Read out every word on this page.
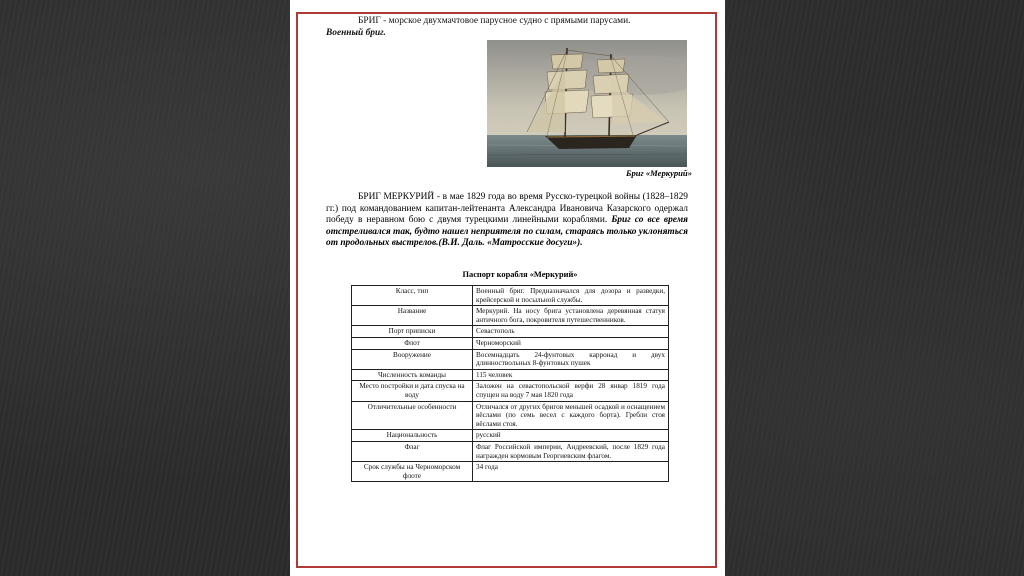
БРИГ - морское двухмачтовое парусное судно с прямыми парусами.

Военный бриг.

Бриг «Меркурий»

БРИГ МЕРКУРИЙ - в мае 1829 года во время Русско-турецкой войны (1828–1829 гг.) под командованием капитан-лейтенанта Александра Ивановича Казарского одержал победу в неравном бою с двумя турецкими линейными кораблями. Бриг со все время отстреливался так, будто нашел неприятеля по силам, стараясь только уклоняться от продольных выстрелов.(В.И. Даль. «Матросские досуги»).

Паспорт корабля «Меркурий»
Класс, тип	Военный бриг. Предназначался для дозора и разведки, крейсерской и посыльной службы.
Название	Меркурий. На носу брига установлена деревянная статуя античного бога, покровителя путешественников.
Порт приписки	Севастополь
Флот	Черноморский
Вооружение	Восемнадцать 24-фунтовых карронад и двух длинноствольных 8-фунтовых пушек
Численность команды	115 человек
Место постройки и дата спуска на воду	Заложен на севастопольской верфи 28 январ 1819 года спущен на воду 7 мая 1820 года
Отличительные особенности	Отличался от других бригов меньшей осадкой и оснащением вёслами (по семь весел с каждого борта). Гребли стоя вёслами стоя.
Национальность	русский
Флаг	Флаг Российской империи, Андреевский, после 1829 года награжден кормовым Георгиевским флагом.
Срок службы на Черноморском флоте	34 года
